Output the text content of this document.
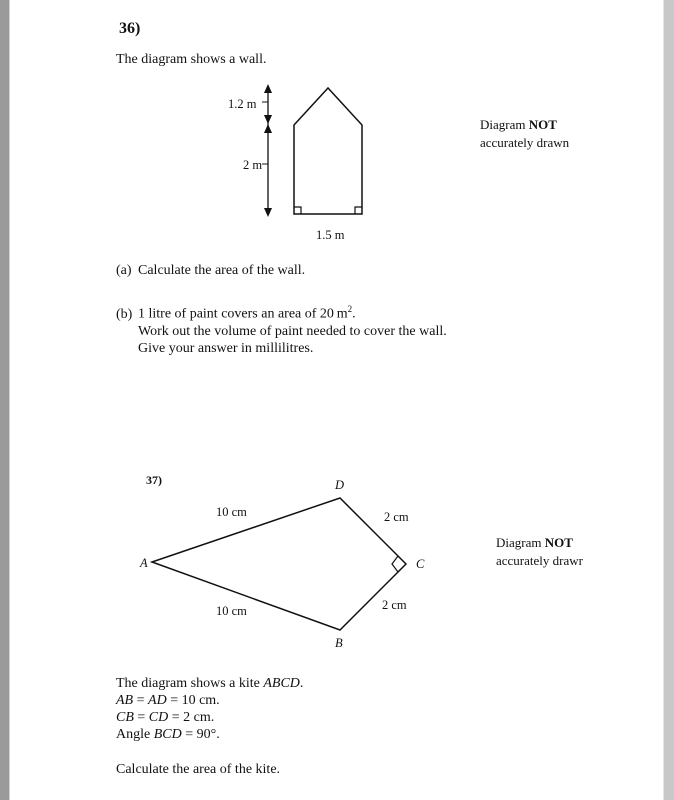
36)
The diagram shows a wall.
1.2 m
2 m
1.5 m
Diagram NOT
accurately drawn
(a) Calculate the area of the wall.
(b) 1 litre of paint covers an area of 20 $m^2$.
Work out the volume of paint needed to cover the wall.
Give your answer in millilitres.
37)
A
B
C
D
10 cm
10 cm
2 cm
2 cm
Diagram NOT
accurately drawr
The diagram shows a kite ABCD.
AB = AD = 10 cm.
CB = CD = 2 cm.
Angle BCD = 90°.
Calculate the area of the kite.
